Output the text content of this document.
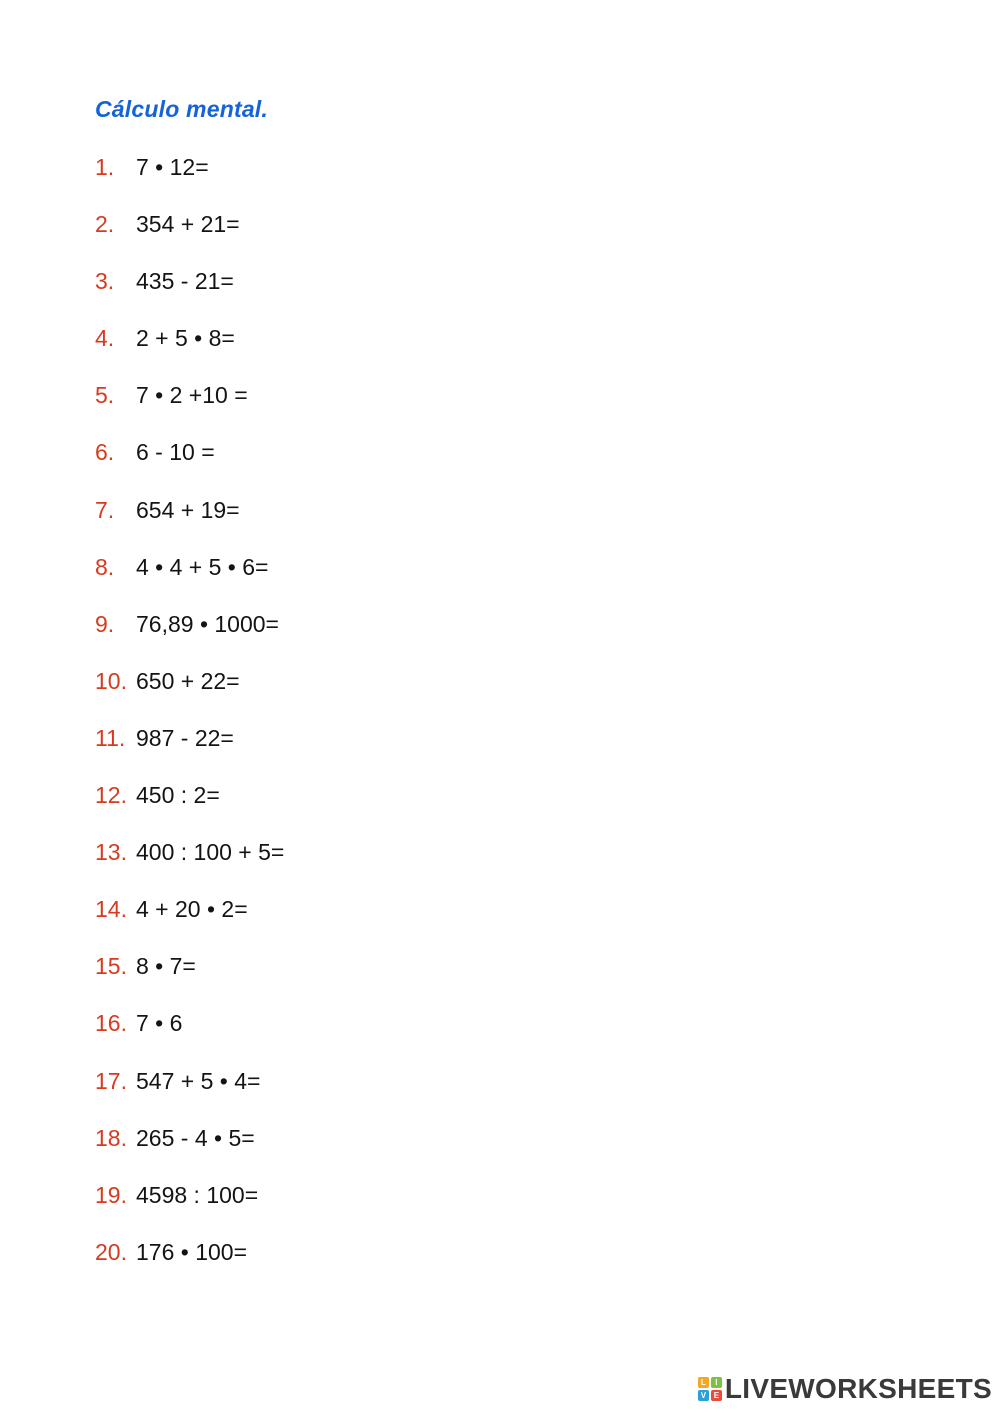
Cálculo mental.
1. 7 • 12=
2. 354 + 21=
3. 435 - 21=
4. 2 + 5 • 8=
5. 7 • 2 +10 =
6. 6 - 10 =
7. 654 + 19=
8. 4 • 4 + 5 • 6=
9. 76,89 • 1000=
10. 650 + 22=
11. 987 - 22=
12. 450 : 2=
13. 400 : 100 + 5=
14. 4 + 20 • 2=
15. 8 • 7=
16. 7 • 6
17. 547 + 5 • 4=
18. 265 - 4 • 5=
19. 4598 : 100=
20. 176 • 100=
L	I
V E LIVEWORKSHEETS
